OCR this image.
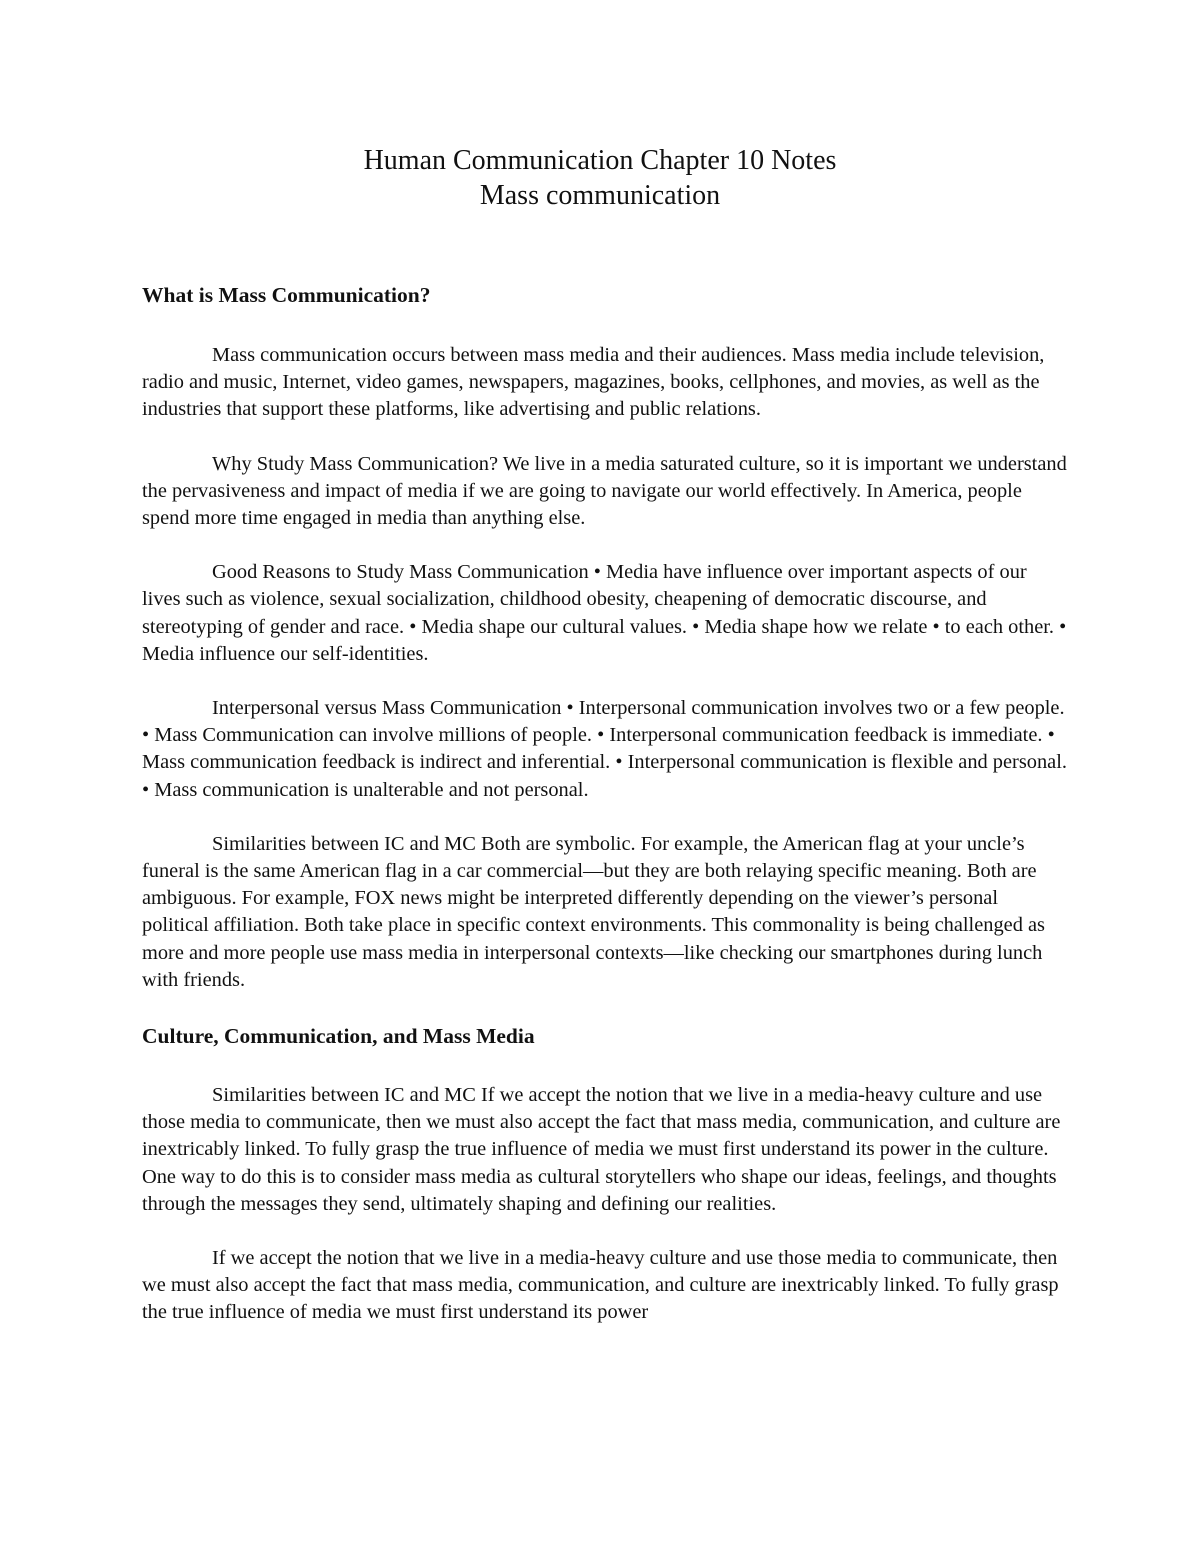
Human Communication Chapter 10 Notes
Mass communication
What is Mass Communication?

Mass communication occurs between mass media and their audiences. Mass media include television, radio and music, Internet, video games, newspapers, magazines, books, cellphones, and movies, as well as the industries that support these platforms, like advertising and public relations.

Why Study Mass Communication? We live in a media saturated culture, so it is important we understand the pervasiveness and impact of media if we are going to navigate our world effectively. In America, people spend more time engaged in media than anything else.

Good Reasons to Study Mass Communication • Media have influence over important aspects of our lives such as violence, sexual socialization, childhood obesity, cheapening of democratic discourse, and stereotyping of gender and race. • Media shape our cultural values. • Media shape how we relate • to each other. • Media influence our self-identities.

Interpersonal versus Mass Communication • Interpersonal communication involves two or a few people. • Mass Communication can involve millions of people. • Interpersonal communication feedback is immediate. • Mass communication feedback is indirect and inferential. • Interpersonal communication is flexible and personal. • Mass communication is unalterable and not personal.

Similarities between IC and MC Both are symbolic. For example, the American flag at your uncle’s funeral is the same American flag in a car commercial—but they are both relaying specific meaning. Both are ambiguous. For example, FOX news might be interpreted differently depending on the viewer’s personal political affiliation. Both take place in specific context environments. This commonality is being challenged as more and more people use mass media in interpersonal contexts—like checking our smartphones during lunch with friends.

Culture, Communication, and Mass Media

Similarities between IC and MC If we accept the notion that we live in a media-heavy culture and use those media to communicate, then we must also accept the fact that mass media, communication, and culture are inextricably linked. To fully grasp the true influence of media we must first understand its power in the culture. One way to do this is to consider mass media as cultural storytellers who shape our ideas, feelings, and thoughts through the messages they send, ultimately shaping and defining our realities.

If we accept the notion that we live in a media-heavy culture and use those media to communicate, then we must also accept the fact that mass media, communication, and culture are inextricably linked. To fully grasp the true influence of media we must first understand its power
